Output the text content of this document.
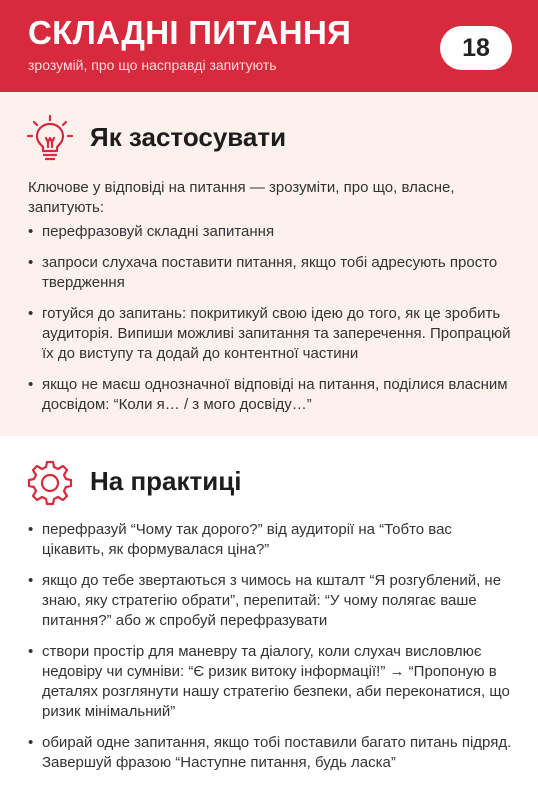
СКЛАДНІ ПИТАННЯ
зрозумій, про що насправді запитують
18
Як застосувати
Ключове у відповіді на питання — зрозуміти, про що, власне, запитують:
• перефразовуй складні запитання
• запроси слухача поставити питання, якщо тобі адресують просто твердження
• готуйся до запитань: покритикуй свою ідею до того, як це зробить аудиторія. Випиши можливі запитання та заперечення. Пропрацюй їх до виступу та додай до контентної частини
• якщо не маєш однозначної відповіді на питання, поділися власним досвідом: “Коли я… / з мого досвіду…”
На практиці
• перефразуй “Чому так дорого?” від аудиторії на “Тобто вас цікавить, як формувалася ціна?”
• якщо до тебе звертаються з чимось на кшталт “Я розгублений, не знаю, яку стратегію обрати”, перепитай: “У чому полягає ваше питання?” або ж спробуй перефразувати
• створи простір для маневру та діалогу, коли слухач висловлює недовіру чи сумніви: “Є ризик витоку інформації!” → “Пропоную в деталях розглянути нашу стратегію безпеки, аби переконатися, що ризик мінімальний”
• обирай одне запитання, якщо тобі поставили багато питань підряд. Завершуй фразою “Наступне питання, будь ласка”
